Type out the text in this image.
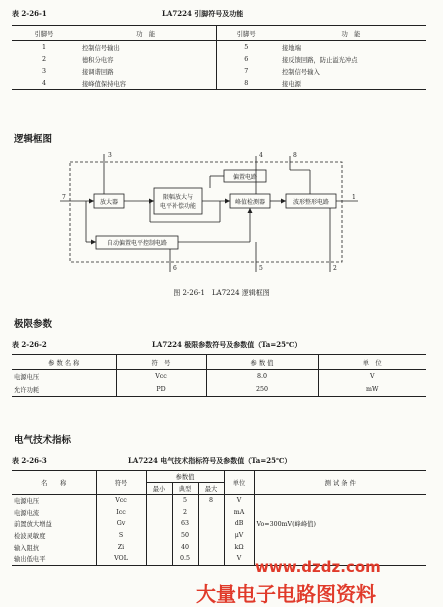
表 2-26-1	LA7224 引脚符号及功能
引脚号	功　能	引脚号	功　能
1	控制信号输出	5	接地端
2	德积分电容	6	接反馈回路，防止溢光冲点
3	接调谐回路	7	控制信号输入
4	接峰值保持电容	8	接电源
逻辑框图
放大器
限幅放大与
电平补偿功能
偏置电路
峰值检测器	波形整形电路
自动偏置电平控制电路
3	4	8
7	1
6	5	2
图 2-26-1　LA7224 逻辑框图
极限参数
表 2-26-2	LA7224 极限参数符号及参数值（Ta=25℃）
参 数 名 称	符　号	参 数 值	单　位
电源电压	Vcc	8.0	V
允许功耗	PD	250	mW
电气技术指标
表 2-26-3	LA7224 电气技术指标符号及参数值（Ta=25℃）
名　　称	符号	参数值			单位	测 试 条 件
		最小	典型	最大		
电源电压	Vcc		5	8	V	
电源电流	Icc		2		mA	
前置放大增益	Gv		63		dB	Vo=300mV(峰峰值)
检波灵敏度	S		50		μV	
输入阻抗	Zi		40		kΩ	
输出低电平	VOL		0.5		V	www.dzdz.com
大量电子电路图资料
